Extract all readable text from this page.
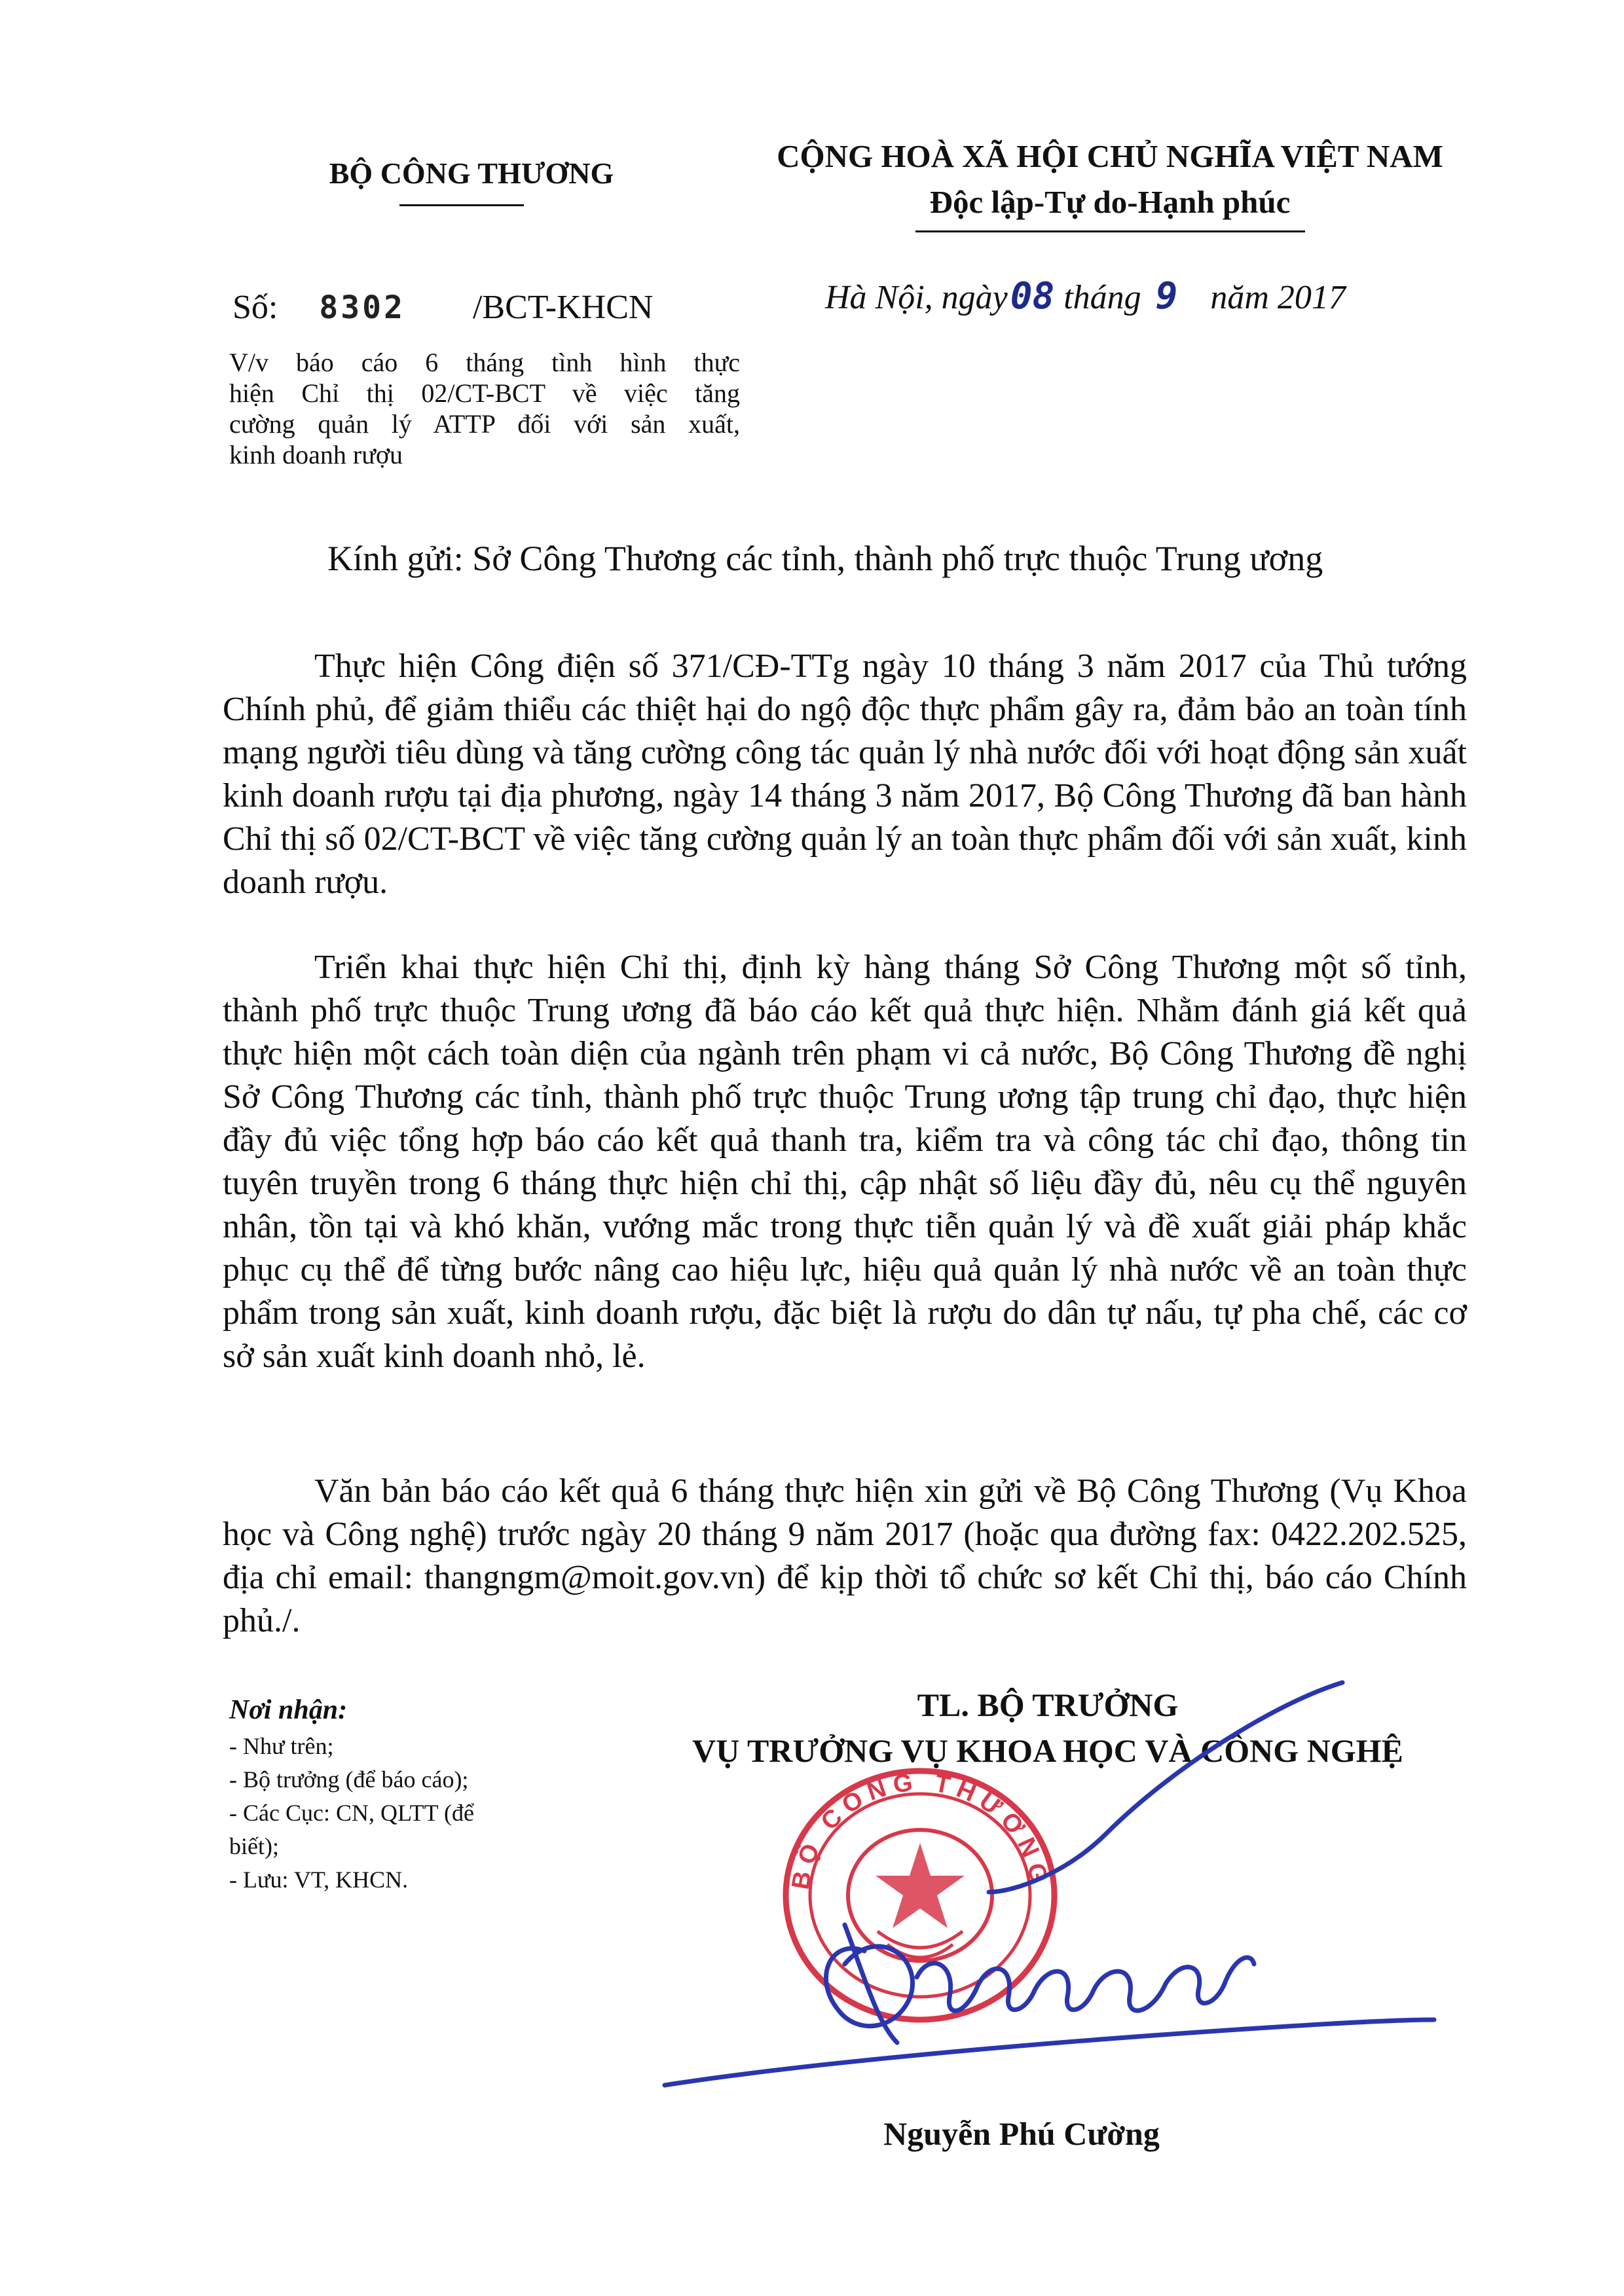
BỘ CÔNG THƯƠNG	CỘNG HOÀ XÃ HỘI CHỦ NGHĨA VIỆT NAM
Độc lập-Tự do-Hạnh phúc
Số: 8302 /BCT-KHCN	Hà Nội, ngày08 tháng 9 năm 2017
V/v báo cáo 6 tháng tình hình thực
hiện Chỉ thị 02/CT-BCT về việc tăng
cường quản lý ATTP đối với sản xuất,
kinh doanh rượu
Kính gửi: Sở Công Thương các tỉnh, thành phố trực thuộc Trung ương
Thực hiện Công điện số 371/CĐ-TTg ngày 10 tháng 3 năm 2017 của Thủ tướng Chính phủ, để giảm thiểu các thiệt hại do ngộ độc thực phẩm gây ra, đảm bảo an toàn tính mạng người tiêu dùng và tăng cường công tác quản lý nhà nước đối với hoạt động sản xuất kinh doanh rượu tại địa phương, ngày 14 tháng 3 năm 2017, Bộ Công Thương đã ban hành Chỉ thị số 02/CT-BCT về việc tăng cường quản lý an toàn thực phẩm đối với sản xuất, kinh doanh rượu.
Triển khai thực hiện Chỉ thị, định kỳ hàng tháng Sở Công Thương một số tỉnh, thành phố trực thuộc Trung ương đã báo cáo kết quả thực hiện. Nhằm đánh giá kết quả thực hiện một cách toàn diện của ngành trên phạm vi cả nước, Bộ Công Thương đề nghị Sở Công Thương các tỉnh, thành phố trực thuộc Trung ương tập trung chỉ đạo, thực hiện đầy đủ việc tổng hợp báo cáo kết quả thanh tra, kiểm tra và công tác chỉ đạo, thông tin tuyên truyền trong 6 tháng thực hiện chỉ thị, cập nhật số liệu đầy đủ, nêu cụ thể nguyên nhân, tồn tại và khó khăn, vướng mắc trong thực tiễn quản lý và đề xuất giải pháp khắc phục cụ thể để từng bước nâng cao hiệu lực, hiệu quả quản lý nhà nước về an toàn thực phẩm trong sản xuất, kinh doanh rượu, đặc biệt là rượu do dân tự nấu, tự pha chế, các cơ sở sản xuất kinh doanh nhỏ, lẻ.
Văn bản báo cáo kết quả 6 tháng thực hiện xin gửi về Bộ Công Thương (Vụ Khoa học và Công nghệ) trước ngày 20 tháng 9 năm 2017 (hoặc qua đường fax: 0422.202.525, địa chỉ email: thangngm@moit.gov.vn) để kịp thời tổ chức sơ kết Chỉ thị, báo cáo Chính phủ./.
Nơi nhận:
- Như trên;
- Bộ trưởng (để báo cáo);
- Các Cục: CN, QLTT (để
biết);
- Lưu: VT, KHCN.
TL. BỘ TRƯỞNG
VỤ TRƯỞNG VỤ KHOA HỌC VÀ CÔNG NGHỆ
BỘ CÔNG THƯƠNG
Nguyễn Phú Cường
